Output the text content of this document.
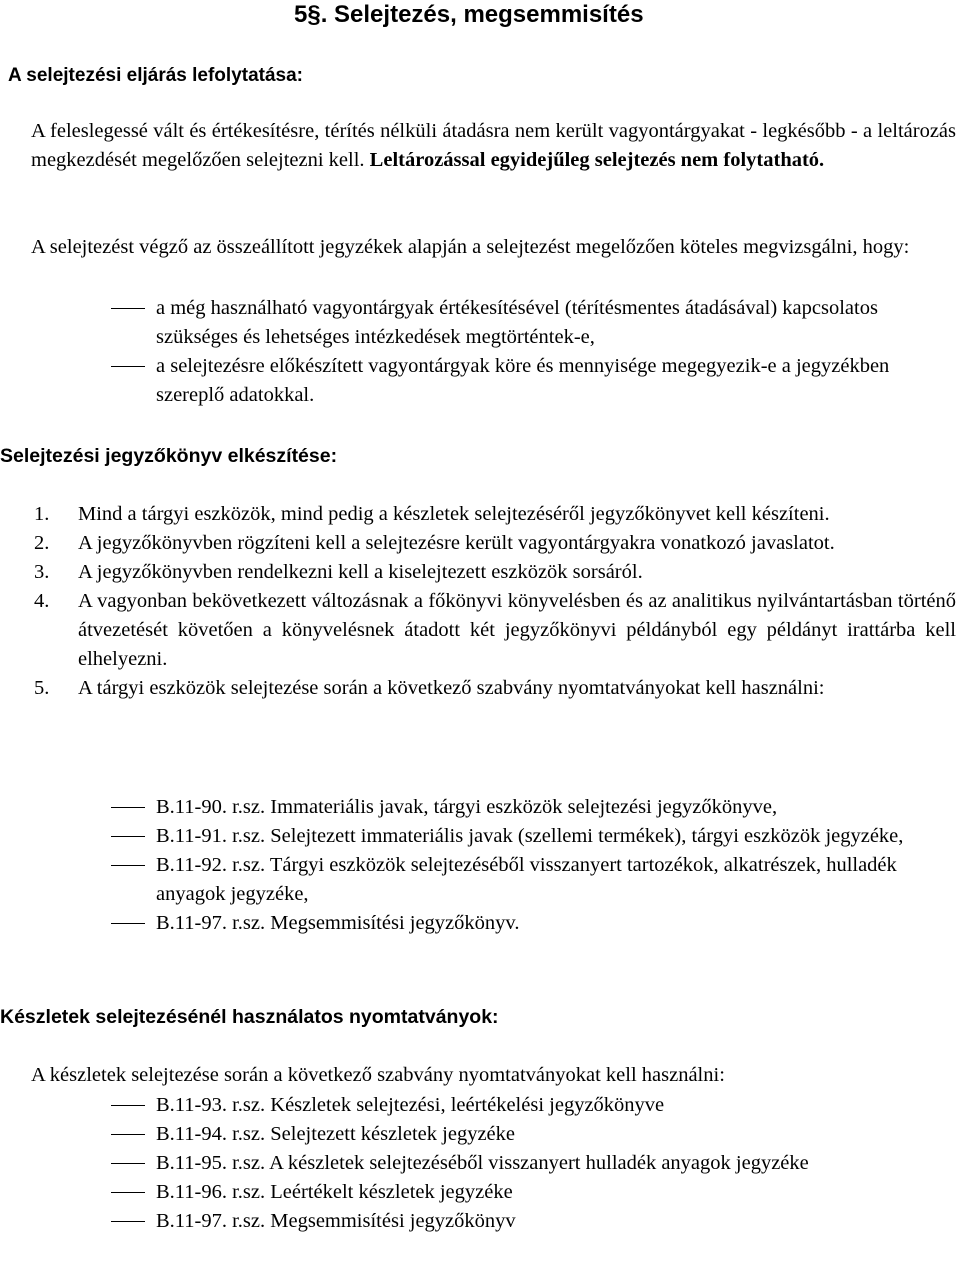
5§. Selejtezés, megsemmisítés
A selejtezési eljárás lefolytatása:
A feleslegessé vált és értékesítésre, térítés nélküli átadásra nem került vagyontárgyakat - legkésőbb - a leltározás megkezdését megelőzően selejtezni kell. Leltározással egyidejűleg selejtezés nem folytatható.
A selejtezést végző az összeállított jegyzékek alapján a selejtezést megelőzően köteles megvizsgálni, hogy:
a még használható vagyontárgyak értékesítésével (térítésmentes átadásával) kapcsolatos szükséges és lehetséges intézkedések megtörténtek-e,
a selejtezésre előkészített vagyontárgyak köre és mennyisége megegyezik-e a jegyzékben szereplő adatokkal.
Selejtezési jegyzőkönyv elkészítése:
1. Mind a tárgyi eszközök, mind pedig a készletek selejtezéséről jegyzőkönyvet kell készíteni.
2. A jegyzőkönyvben rögzíteni kell a selejtezésre került vagyontárgyakra vonatkozó javaslatot.
3. A jegyzőkönyvben rendelkezni kell a kiselejtezett eszközök sorsáról.
4. A vagyonban bekövetkezett változásnak a főkönyvi könyvelésben és az analitikus nyilvántartásban történő átvezetését követően a könyvelésnek átadott két jegyzőkönyvi példányból egy példányt irattárba kell elhelyezni.
5. A tárgyi eszközök selejtezése során a következő szabvány nyomtatványokat kell használni:
B.11-90. r.sz. Immateriális javak, tárgyi eszközök selejtezési jegyzőkönyve,
B.11-91. r.sz. Selejtezett immateriális javak (szellemi termékek), tárgyi eszközök jegyzéke,
B.11-92. r.sz. Tárgyi eszközök selejtezéséből visszanyert tartozékok, alkatrészek, hulladék anyagok jegyzéke,
B.11-97. r.sz. Megsemmisítési jegyzőkönyv.
Készletek selejtezésénél használatos nyomtatványok:
A készletek selejtezése során a következő szabvány nyomtatványokat kell használni:
B.11-93. r.sz. Készletek selejtezési, leértékelési jegyzőkönyve
B.11-94. r.sz. Selejtezett készletek jegyzéke
B.11-95. r.sz. A készletek selejtezéséből visszanyert hulladék anyagok jegyzéke
B.11-96. r.sz. Leértékelt készletek jegyzéke
B.11-97. r.sz. Megsemmisítési jegyzőkönyv
